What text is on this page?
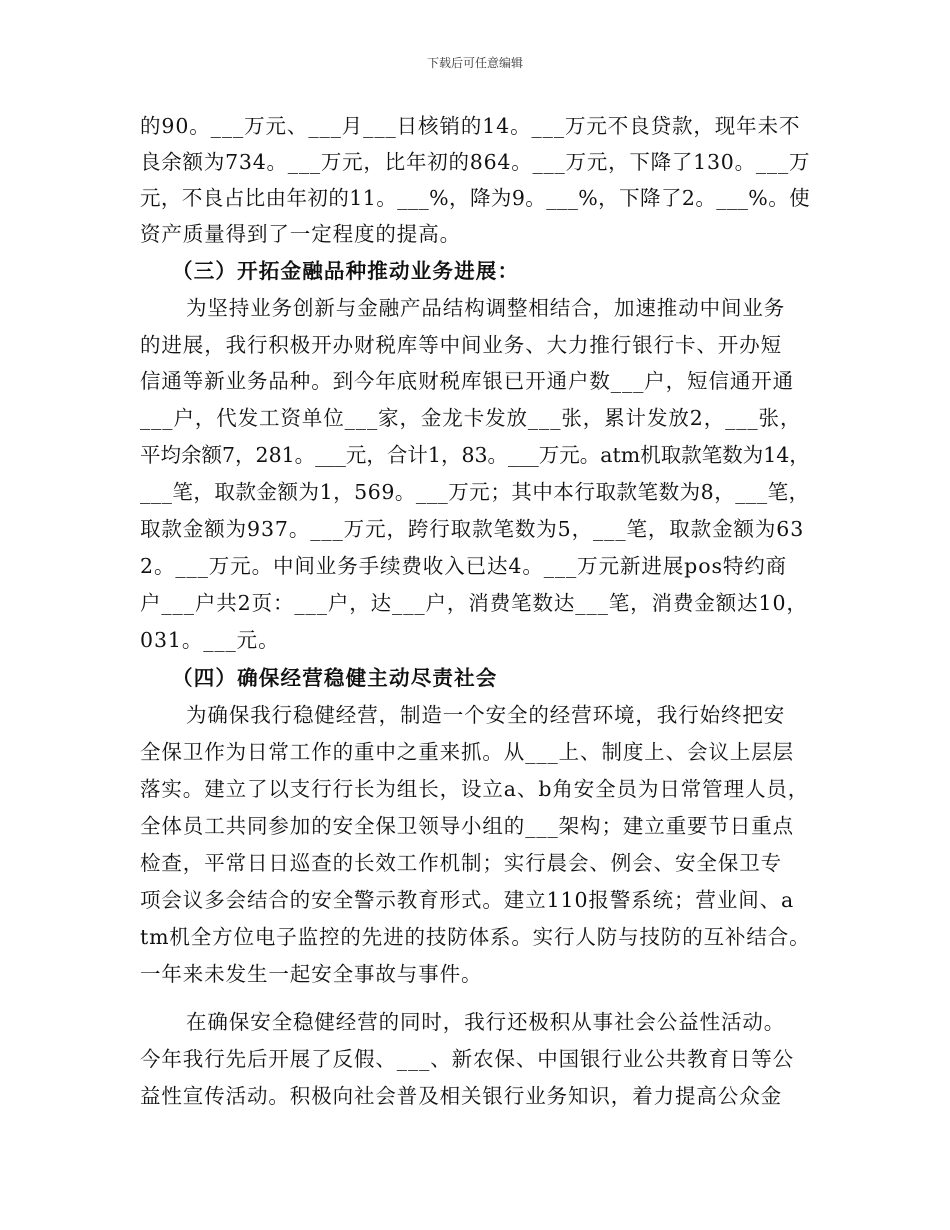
下载后可任意编辑
的90。___万元、___月___日核销的14。___万元不良贷款，现年未不
良余额为734。___万元，比年初的864。___万元，下降了130。___万
元，不良占比由年初的11。___%，降为9。___%，下降了2。___%。使
资产质量得到了一定程度的提高。
（三）开拓金融品种推动业务进展：
为坚持业务创新与金融产品结构调整相结合，加速推动中间业务
的进展，我行积极开办财税库等中间业务、大力推行银行卡、开办短
信通等新业务品种。到今年底财税库银已开通户数___户，短信通开通
___户，代发工资单位___家，金龙卡发放___张，累计发放2，___张，
平均余额7，281。___元，合计1，83。___万元。atm机取款笔数为14，
___笔，取款金额为1，569。___万元；其中本行取款笔数为8，___笔，
取款金额为937。___万元，跨行取款笔数为5，___笔，取款金额为63
2。___万元。中间业务手续费收入已达4。___万元新进展pos特约商
户___户共2页：___户，达___户，消费笔数达___笔，消费金额达10，
031。___元。
（四）确保经营稳健主动尽责社会
为确保我行稳健经营，制造一个安全的经营环境，我行始终把安
全保卫作为日常工作的重中之重来抓。从___上、制度上、会议上层层
落实。建立了以支行行长为组长，设立a、b角安全员为日常管理人员，
全体员工共同参加的安全保卫领导小组的___架构；建立重要节日重点
检查，平常日日巡查的长效工作机制；实行晨会、例会、安全保卫专
项会议多会结合的安全警示教育形式。建立110报警系统；营业间、a
tm机全方位电子监控的先进的技防体系。实行人防与技防的互补结合。
一年来未发生一起安全事故与事件。
在确保安全稳健经营的同时，我行还极积从事社会公益性活动。
今年我行先后开展了反假、___、新农保、中国银行业公共教育日等公
益性宣传活动。积极向社会普及相关银行业务知识，着力提高公众金
